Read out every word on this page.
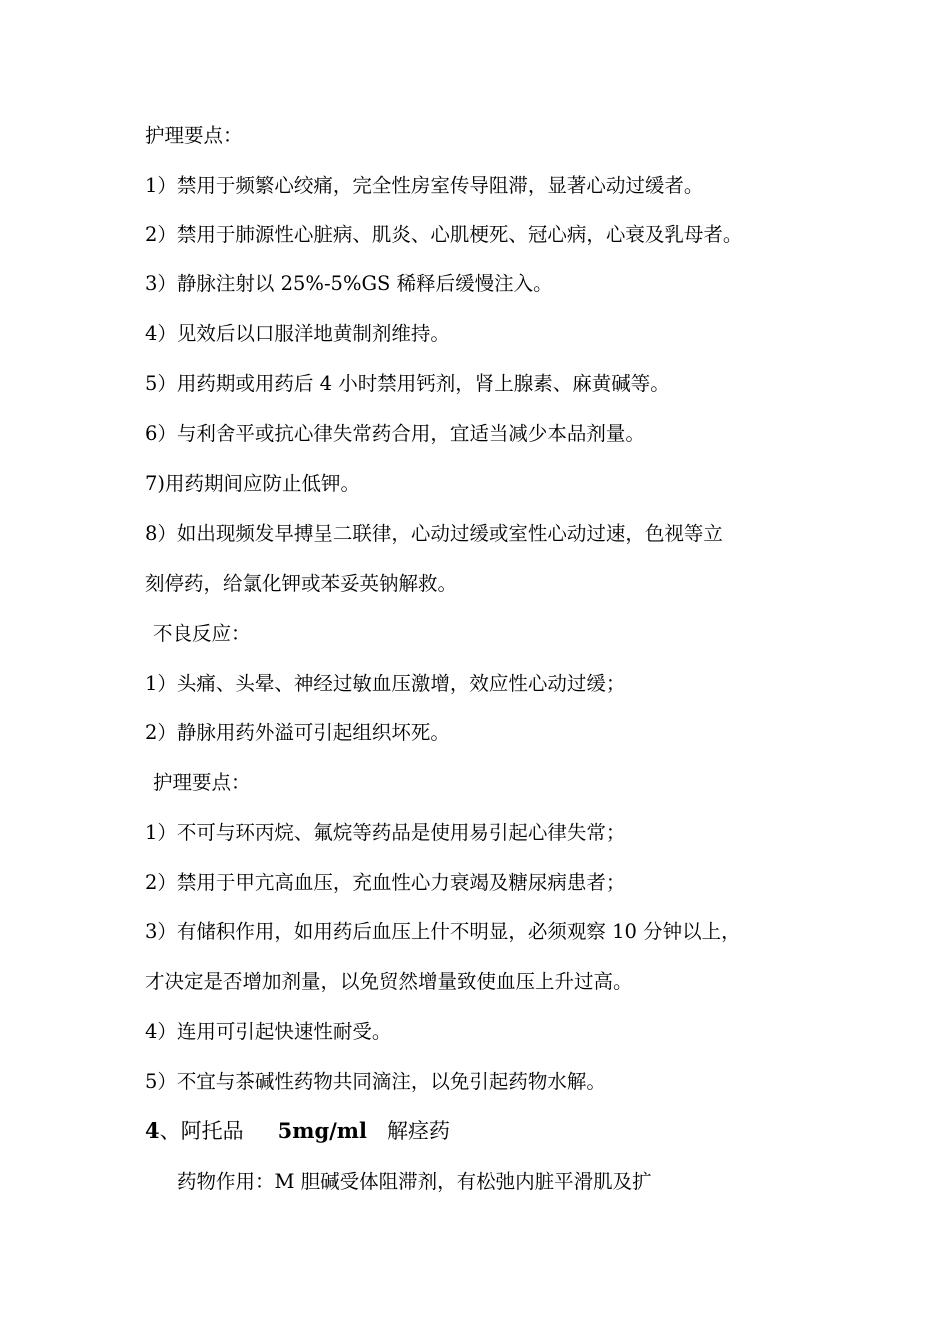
护理要点：
1）禁用于频繁心绞痛，完全性房室传导阻滞，显著心动过缓者。
2）禁用于肺源性心脏病、肌炎、心肌梗死、冠心病，心衰及乳母者。
3）静脉注射以 25%-5%GS 稀释后缓慢注入。
4）见效后以口服洋地黄制剂维持。
5）用药期或用药后 4 小时禁用钙剂，肾上腺素、麻黄碱等。
6）与利舍平或抗心律失常药合用，宜适当减少本品剂量。
7)用药期间应防止低钾。
8）如出现频发早搏呈二联律，心动过缓或室性心动过速，色视等立
刻停药，给氯化钾或苯妥英钠解救。
不良反应：
1）头痛、头晕、神经过敏血压激增，效应性心动过缓；
2）静脉用药外溢可引起组织坏死。
护理要点：
1）不可与环丙烷、氟烷等药品是使用易引起心律失常；
2）禁用于甲亢高血压，充血性心力衰竭及糖尿病患者；
3）有储积作用，如用药后血压上什不明显，必须观察 10 分钟以上，
才决定是否增加剂量，以免贸然增量致使血压上升过高。
4）连用可引起快速性耐受。
5）不宜与茶碱性药物共同滴注，以免引起药物水解。
4、阿托品 5mg/ml 解痉药
药物作用：M 胆碱受体阻滞剂，有松弛内脏平滑肌及扩
